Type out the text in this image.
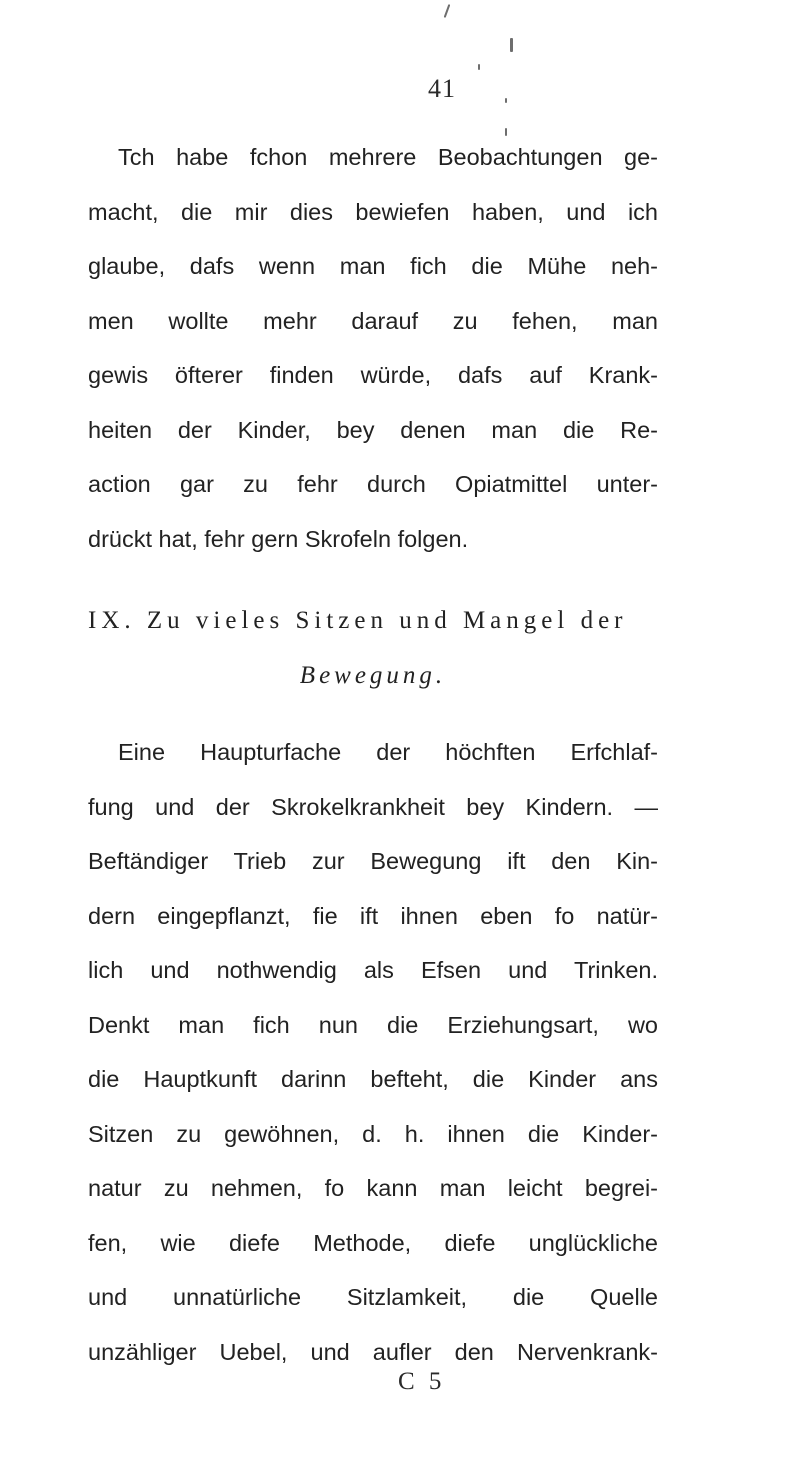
41
Tch habe fchon mehrere Beobachtungen ge-
macht, die mir dies bewiefen haben, und ich
glaube, dafs wenn man fich die Mühe neh-
men wollte mehr darauf zu fehen, man
gewis öfterer finden würde, dafs auf Krank-
heiten der Kinder, bey denen man die Re-
action gar zu fehr durch Opiatmittel unter-
drückt hat, fehr gern Skrofeln folgen.
IX. Zu vieles Sitzen und Mangel der
Bewegung.
Eine Haupturfache der höchften Erfchlaf-
fung und der Skrokelkrankheit bey Kindern. —
Beftändiger Trieb zur Bewegung ift den Kin-
dern eingepflanzt, fie ift ihnen eben fo natür-
lich und nothwendig als Efsen und Trinken.
Denkt man fich nun die Erziehungsart, wo
die Hauptkunft darinn befteht, die Kinder ans
Sitzen zu gewöhnen, d. h. ihnen die Kinder-
natur zu nehmen, fo kann man leicht begrei-
fen, wie diefe Methode, diefe unglückliche
und unnatürliche Sitzlamkeit, die Quelle
unzähliger Uebel, und aufler den Nervenkrank-
C 5
